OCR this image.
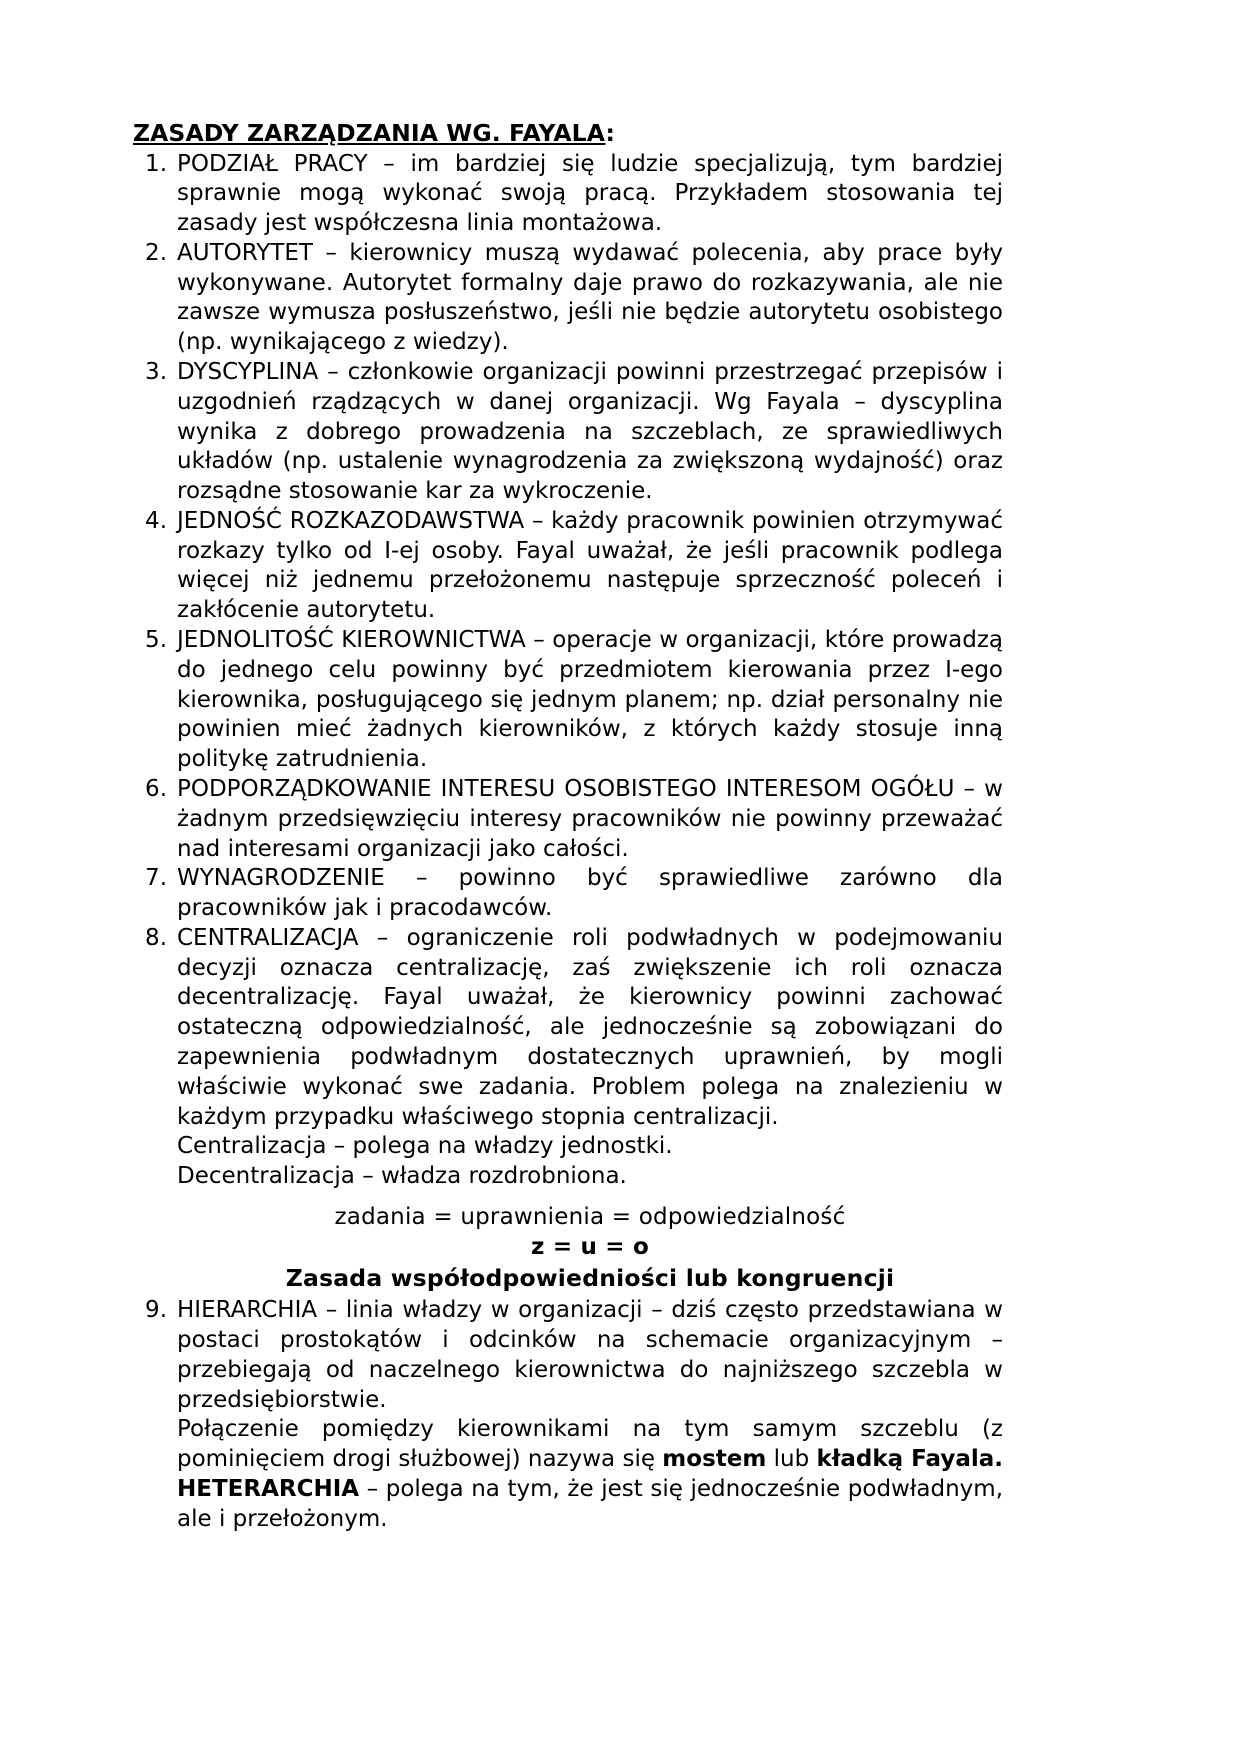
ZASADY ZARZĄDZANIA WG. FAYALA:

PODZIAŁ PRACY – im bardziej się ludzie specjalizują, tym bardziej sprawnie mogą wykonać swoją pracą. Przykładem stosowania tej zasady jest współczesna linia montażowa.

AUTORYTET – kierownicy muszą wydawać polecenia, aby prace były wykonywane. Autorytet formalny daje prawo do rozkazywania, ale nie zawsze wymusza posłuszeństwo, jeśli nie będzie autorytetu osobistego (np. wynikającego z wiedzy).

DYSCYPLINA – członkowie organizacji powinni przestrzegać przepisów i uzgodnień rządzących w danej organizacji. Wg Fayala – dyscyplina wynika z dobrego prowadzenia na szczeblach, ze sprawiedliwych układów (np. ustalenie wynagrodzenia za zwiększoną wydajność) oraz rozsądne stosowanie kar za wykroczenie.

JEDNOŚĆ ROZKAZODAWSTWA – każdy pracownik powinien otrzymywać rozkazy tylko od I-ej osoby. Fayal uważał, że jeśli pracownik podlega więcej niż jednemu przełożonemu następuje sprzeczność poleceń i zakłócenie autorytetu.

JEDNOLITOŚĆ KIEROWNICTWA – operacje w organizacji, które prowadzą do jednego celu powinny być przedmiotem kierowania przez I-ego kierownika, posługującego się jednym planem; np. dział personalny nie powinien mieć żadnych kierowników, z których każdy stosuje inną politykę zatrudnienia.

PODPORZĄDKOWANIE INTERESU OSOBISTEGO INTERESOM OGÓŁU – w żadnym przedsięwzięciu interesy pracowników nie powinny przeważać nad interesami organizacji jako całości.

WYNAGRODZENIE – powinno być sprawiedliwe zarówno dla pracowników jak i pracodawców.

CENTRALIZACJA – ograniczenie roli podwładnych w podejmowaniu decyzji oznacza centralizację, zaś zwiększenie ich roli oznacza decentralizację. Fayal uważał, że kierownicy powinni zachować ostateczną odpowiedzialność, ale jednocześnie są zobowiązani do zapewnienia podwładnym dostatecznych uprawnień, by mogli właściwie wykonać swe zadania. Problem polega na znalezieniu w każdym przypadku właściwego stopnia centralizacji.

Centralizacja – polega na władzy jednostki.

Decentralizacja – władza rozdrobniona.

zadania = uprawnienia = odpowiedzialność

z = u = o

Zasada współodpowiedniości lub kongruencji

HIERARCHIA – linia władzy w organizacji – dziś często przedstawiana w postaci prostokątów i odcinków na schemacie organizacyjnym – przebiegają od naczelnego kierownictwa do najniższego szczebla w przedsiębiorstwie.

Połączenie pomiędzy kierownikami na tym samym szczeblu (z pominięciem drogi służbowej) nazywa się mostem lub kładką Fayala.

HETERARCHIA – polega na tym, że jest się jednocześnie podwładnym, ale i przełożonym.
